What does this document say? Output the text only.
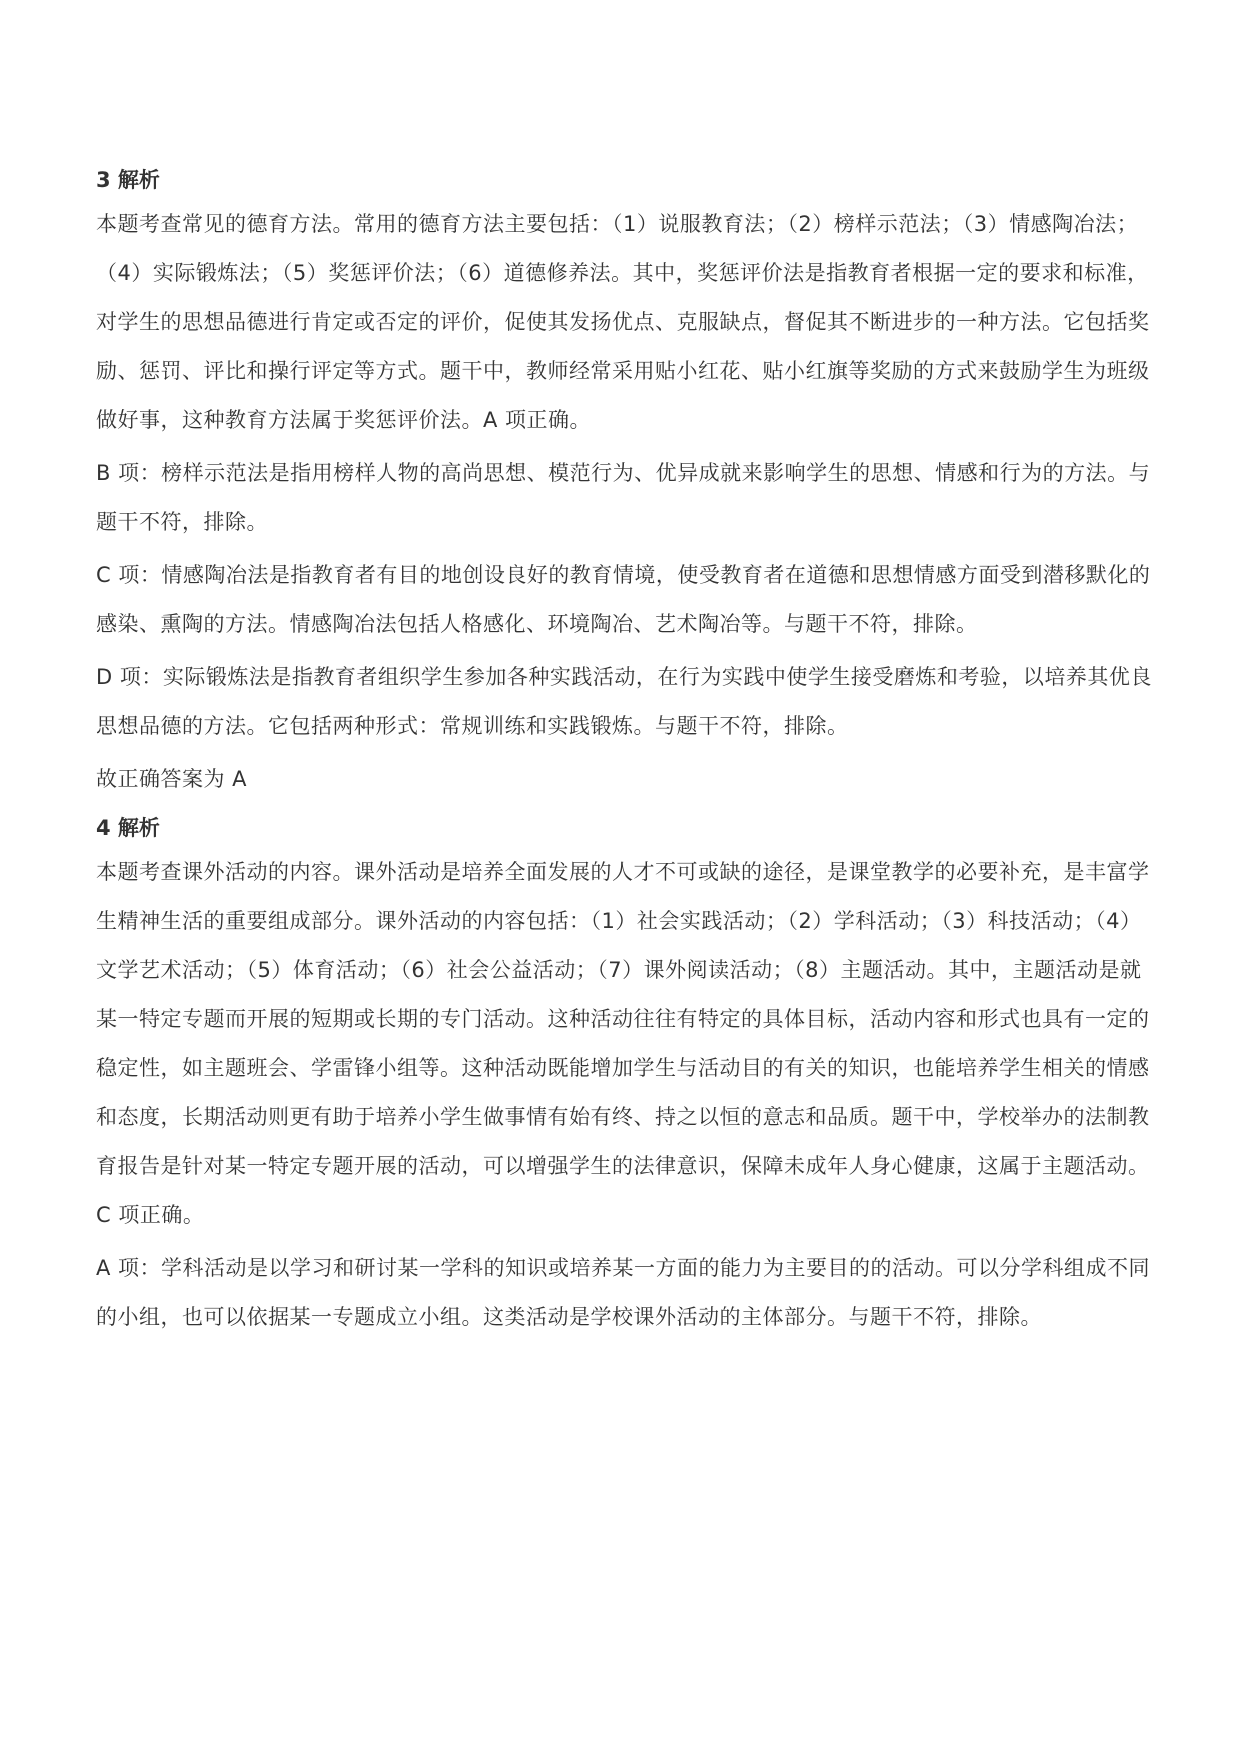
3 解析

本题考查常见的德育方法。常用的德育方法主要包括：（1）说服教育法；（2）榜样示范法；（3）情感陶冶法；（4）实际锻炼法；（5）奖惩评价法；（6）道德修养法。其中，奖惩评价法是指教育者根据一定的要求和标准，对学生的思想品德进行肯定或否定的评价，促使其发扬优点、克服缺点，督促其不断进步的一种方法。它包括奖励、惩罚、评比和操行评定等方式。题干中，教师经常采用贴小红花、贴小红旗等奖励的方式来鼓励学生为班级做好事，这种教育方法属于奖惩评价法。A 项正确。

B 项：榜样示范法是指用榜样人物的高尚思想、模范行为、优异成就来影响学生的思想、情感和行为的方法。与题干不符，排除。

C 项：情感陶冶法是指教育者有目的地创设良好的教育情境，使受教育者在道德和思想情感方面受到潜移默化的感染、熏陶的方法。情感陶冶法包括人格感化、环境陶冶、艺术陶冶等。与题干不符，排除。

D 项：实际锻炼法是指教育者组织学生参加各种实践活动，在行为实践中使学生接受磨炼和考验，以培养其优良思想品德的方法。它包括两种形式：常规训练和实践锻炼。与题干不符，排除。

故正确答案为 A

4 解析

本题考查课外活动的内容。课外活动是培养全面发展的人才不可或缺的途径，是课堂教学的必要补充，是丰富学生精神生活的重要组成部分。课外活动的内容包括：（1）社会实践活动；（2）学科活动；（3）科技活动；（4）文学艺术活动；（5）体育活动；（6）社会公益活动；（7）课外阅读活动；（8）主题活动。其中，主题活动是就某一特定专题而开展的短期或长期的专门活动。这种活动往往有特定的具体目标，活动内容和形式也具有一定的稳定性，如主题班会、学雷锋小组等。这种活动既能增加学生与活动目的有关的知识，也能培养学生相关的情感和态度，长期活动则更有助于培养小学生做事情有始有终、持之以恒的意志和品质。题干中，学校举办的法制教育报告是针对某一特定专题开展的活动，可以增强学生的法律意识，保障未成年人身心健康，这属于主题活动。C 项正确。

A 项：学科活动是以学习和研讨某一学科的知识或培养某一方面的能力为主要目的的活动。可以分学科组成不同的小组，也可以依据某一专题成立小组。这类活动是学校课外活动的主体部分。与题干不符，排除。
